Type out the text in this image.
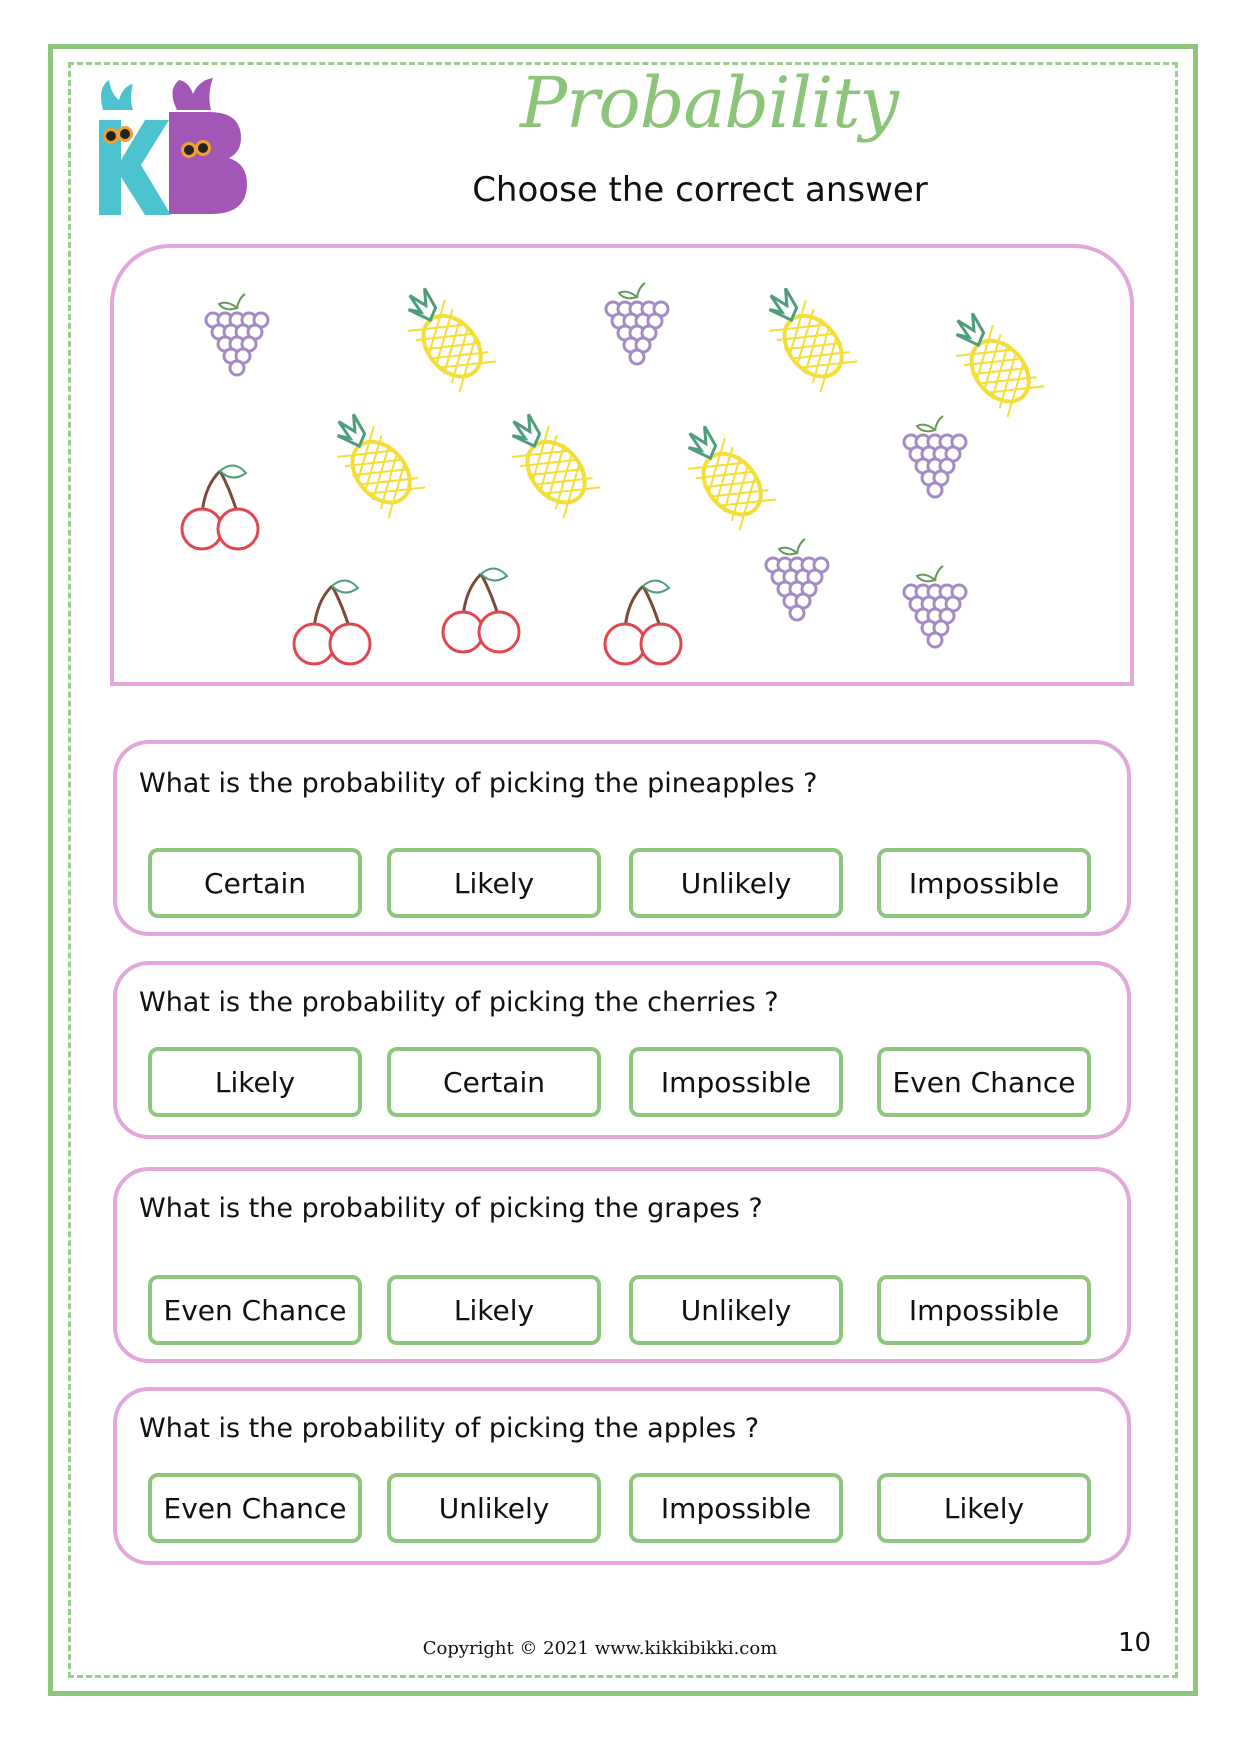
Probability
Choose the correct answer
What is the probability of picking the pineapples ?
Certain	Likely	Unlikely	Impossible
What is the probability of picking the cherries ?
Likely	Certain	Impossible	Even Chance
What is the probability of picking the grapes ?
Even Chance	Likely	Unlikely	Impossible
What is the probability of picking the apples ?
Even Chance	Unlikely	Impossible	Likely
Copyright © 2021 www.kikkibikki.com	10
